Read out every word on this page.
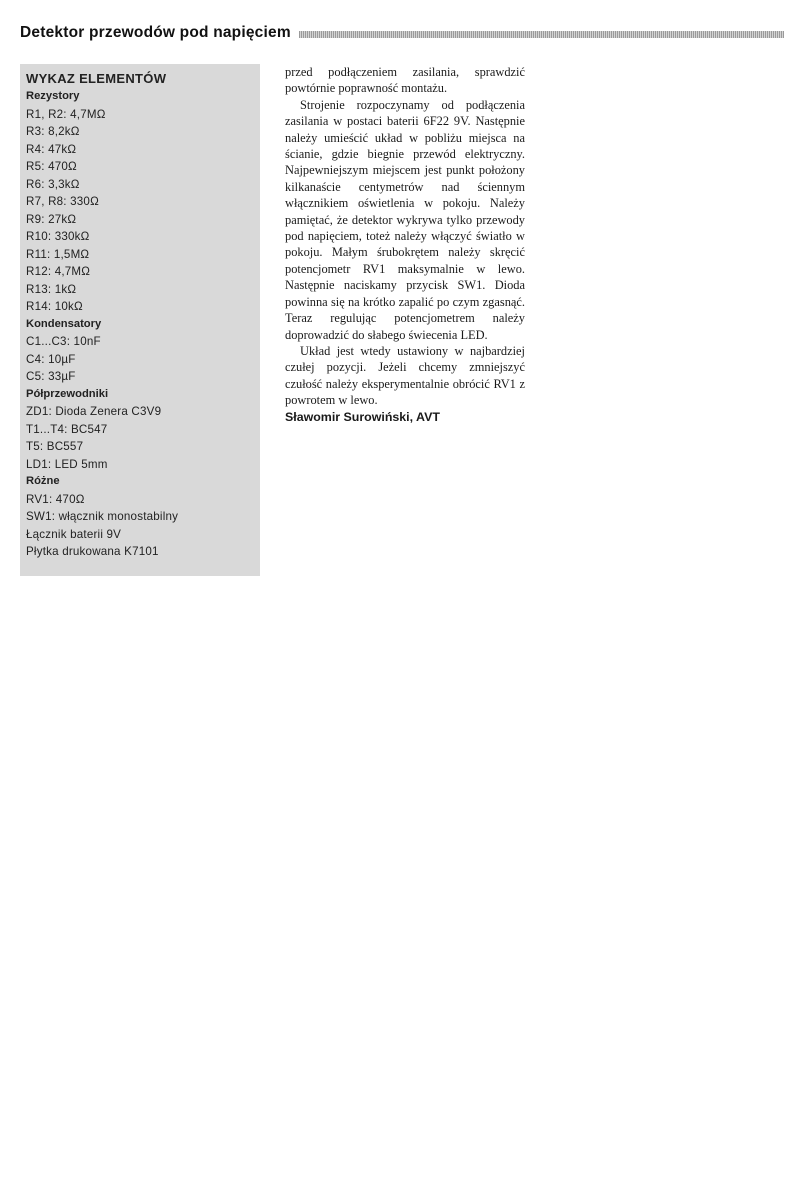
Detektor przewodów pod napięciem
WYKAZ ELEMENTÓW
Rezystory
R1, R2: 4,7MΩ
R3: 8,2kΩ
R4: 47kΩ
R5: 470Ω
R6: 3,3kΩ
R7, R8: 330Ω
R9: 27kΩ
R10: 330kΩ
R11: 1,5MΩ
R12: 4,7MΩ
R13: 1kΩ
R14: 10kΩ
Kondensatory
C1...C3: 10nF
C4: 10µF
C5: 33µF
Półprzewodniki
ZD1: Dioda Zenera C3V9
T1...T4: BC547
T5: BC557
LD1: LED 5mm
Różne
RV1: 470Ω
SW1: włącznik monostabilny
Łącznik baterii 9V
Płytka drukowana K7101

przed podłączeniem zasilania, sprawdzić powtórnie poprawność montażu.

Strojenie rozpoczynamy od podłączenia zasilania w postaci baterii 6F22 9V. Następnie należy umieścić układ w pobliżu miejsca na ścianie, gdzie biegnie przewód elektryczny. Najpewniejszym miejscem jest punkt położony kilkanaście centymetrów nad ściennym włącznikiem oświetlenia w pokoju. Należy pamiętać, że detektor wykrywa tylko przewody pod napięciem, toteż należy włączyć światło w pokoju. Małym śrubokrętem należy skręcić potencjometr RV1 maksymalnie w lewo. Następnie naciskamy przycisk SW1. Dioda powinna się na krótko zapalić po czym zgasnąć. Teraz regulując potencjometrem należy doprowadzić do słabego świecenia LED.

Układ jest wtedy ustawiony w najbardziej czułej pozycji. Jeżeli chcemy zmniejszyć czułość należy eksperymentalnie obrócić RV1 z powrotem w lewo.

Sławomir Surowiński, AVT
